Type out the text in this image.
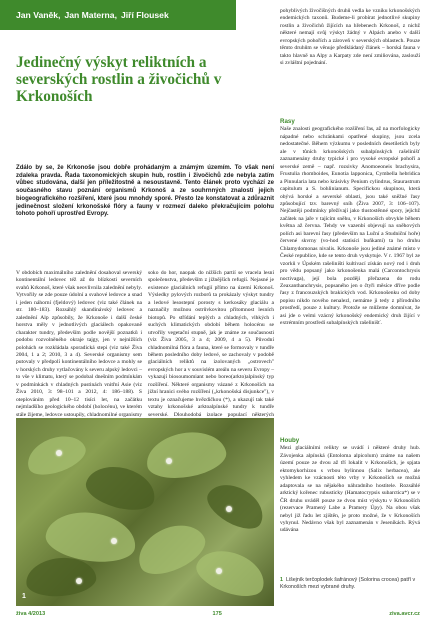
Jan Vaněk, Jan Materna, Jiří Flousek
Jedinečný výskyt reliktních a severských rostlin a živočichů v Krkonoších

Zdálo by se, že Krkonoše jsou dobře prohádaným a známým územím. To však není zdaleka pravda. Řada taxonomických skupin hub, rostlin i živočichů zde nebyla zatím vůbec studována, další jen příležitostně a nesoustavně. Tento článek proto vychází ze současného stavu poznání organismů Krkonoš a ze souhrnných znalostí jejich biogeografického rozšíření, které jsou mnohdy sporé. Přesto lze konstatovat a zdůraznit jedinečnost složení krkonošské flóry a fauny v rozmezí daleko překračujícím polohu tohoto pohoří uprostřed Evropy.

V obdobích maximálního zalednění dosahoval severský kontinentální ledovec též až do blízkosti severních svahů Krkonoš, které však neovlivnila zalednění nebyly. Vytvořily se zde pouze údolní a svahové ledovce a snad i jeden náhorní (fjeldový) ledovec (viz také článek na str. 180–183). Rozsáhlý skandinávský ledovec a zalednění Alp způsobily, že Krkonoše i další české horstva měly v jednotlivých glaciálech opakovaně charakter tundry, především podle novější poznatků i podobu rozvolněného okraje tajgy, jen v nejnižších polohách se rozkládala sporadická stepi (viz také Živa 2004, 1 a 2; 2010, 3 a 4). Severské organismy sem putovaly v předpolí kontinentálního ledovce a mohly se v horských druhy vytlačovány k severu alpský ledovci – to vše v klimatu, který se podobal dnešním podmínkám v podmínkách v chladných pustinách vnitřní Asie (viz Živa 2010, 3: 98–101 a 2012, 4: 186–188). S oteplováním před 10–12 tisíci let, na začátku nejmladšího geologického období (holocénu), ve kterém stále žijeme, ledovce ustoupily, chladnomilné organismy

soko do hor, naopak do nižších partií se vracela lesní společenstva, především z jižnějších refugií. Nejasné je existence glaciálních refugií přímo na území Krkonoš. Výsledky pylových rozborů ta prokázaly výskyt tundry a ledové lesostepní porosty s kerkosáky glaciálu a naznačily možnou ostrůvkovitou přítomnost lesních biotopů. Po střídání teplých a chladných, vlhkých i suchých klimatických období během holocénu se utvořily vegetační stupně, jak je známe ze současnosti (viz Živa 2005, 3 a 4; 2009, 4 a 5). Původní chladnomilná flóra a fauna, které se formovaly v tundře během posledního doby ledové, se zachovaly v podobě glaciálních reliktů na izolovaných „ostrovech" evropských hor a v souvislém areálu na severu Evropy – vykazují biosoumomiant nebo boreo(arkto)alpínský typ rozšíření. Některé organismy vázané z Krkonoších na jižní hranici svého rozšíření („krkonošská disjunkce"), v textu je označujeme hvězdičkou (*), a ukazují tak také vztahy krkonošské arktoalpínské tundry k tundře severské. Dlouhodobá izolace populací některých

pohyblivých živočišných druhů vedla ke vzniku krkonošských endemických taxonů. Budeme-li probírat jednotlivé skupiny rostlin a živočichů žijících na hřebenech Krkonoš, z nichž některé nemají svůj výskyt žádný v Alpách anebo v další evropských pohořích a zároveň v severských oblastech. Pouze těmto druhům se věnuje předkládaný článek – horská fauna v takto hlavně na Alpy a Karpaty zde není zmiňována, zaslouží si zvláštní pojednání.

Rasy

Naše znalosti geografického rozšíření řas, až na morfologicky nápadné nebo schránkami opatřené skupiny, jsou zcela nedostatečné. Během výzkumu v posledních desetiletích byly ale v tůních krkonošských subalpínských rašelinišť zaznamenány druhy typické i pro vysoké evropské pohoří a severské země – např. rozsivky Anomoeoneis brachysira, Frustulia rhomboides, Eunotia lapponica, Cymbella hebridica a Pinnularia lata nebo krásivky Penium cylindrus, Staurastrum capitulum a S. bohlinianum. Specifickou skupinou, která obývá horské a severské oblasti, jsou také sněžné řasy způsobující tzv. barevný sníh (Živa 2007, 3: 106–107). Nejčastěji podmínky přežívají jako tlustostěnné spory, jejichž začátek na jaře v tajícím sněhu, v Krkonoších obvykle během května až června. Tehdy ve vazenbí objevují na sněhových polích asi barevní řasy (především na Luční a Studniční hoře) červené skvrny (vo-hod statisíci buňkami) ta ho druhu Chlamydomonas nivalis. Krkonoše jsou jediné známé místo v České republice, kde se tento druh vyskytuje. V r. 1967 byl ze vzorků v Úpském rašeliništi kultivací získán nový rod i druh pro vědu popsaný jako krkonošenka malá (Carcontochrysis noctivaga), její bola později přeřazena do rodu Zeaxanthanchrysis, popsaného jen o čtyři měsíce dříve podle řasy z francouzských brakických vod. Krkonošenku od doby popisu nikdo nového nenalezl, nemáme ji tedy z přírodního prostředí, pouze z kultury. Protože se můžeme domnívat, že asi jde o velmi vzácný krkonošský endemický druh žijící v extrémním prostředí subalpínských rašelinišť.

Houby

Mezi glaciálními relikty se uvádí i některé druhy hub. Závojenka alpínská (Entoloma alpicolum) známe na našem území pouze ze dvou až tří lokalit v Krkonoších, je spjata ektomykorhizou s vrbou bylinnou (Salix herbacea), ale vyhledem ke vzácnosti této vrby v Krkonoších se možná adaptovala se na nějakého náhradního hostitele. Rozsáhlé arktický kořenec rubusticky (Hamatocrypsis subarctica*) se v ČR druhu uváděl pouze ze dvou míst výskytu v Krkonoších (rezervace Pramený Labe a Pramery Úpy). Na obou však nebyl již řadu let zjištěn, je proto možné, že v Krkonoších vyhynul. Nedávno však byl zaznamenán v Jeseníkách. Rývá udávána

1
1 Lišejník terčoplodek šafránový (Solorina crocea) patří v Krkonoších mezi vybrané druhy.
živa 4/2013	175	ziva.avcr.cz
